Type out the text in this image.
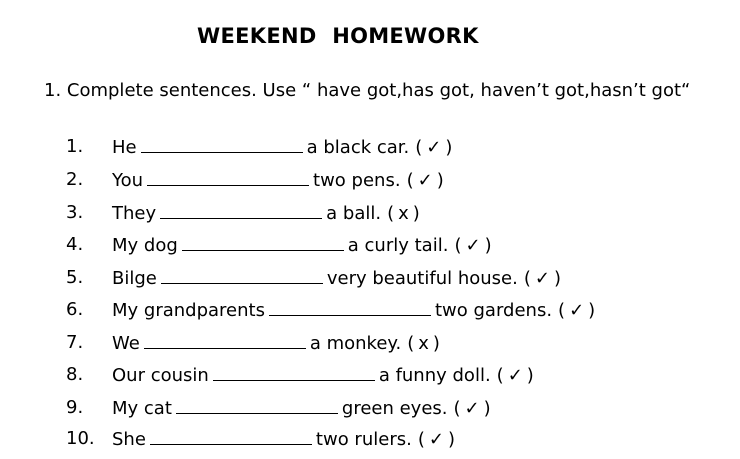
WEEKEND HOMEWORK
1. Complete sentences. Use “ have got,has got, haven’t got,hasn’t got“
1. He	a black car. ( ✓ )
2. You	two pens. ( ✓ )
3. They	a ball. ( x )
4. My dog	a curly tail. ( ✓ )
5. Bilge	very beautiful house. ( ✓ )
6. My grandparents	two gardens. ( ✓ )
7. We	a monkey. ( x )
8. Our cousin	a funny doll. ( ✓ )
9. My cat	green eyes. ( ✓ )
10. She	two rulers. ( ✓ )
